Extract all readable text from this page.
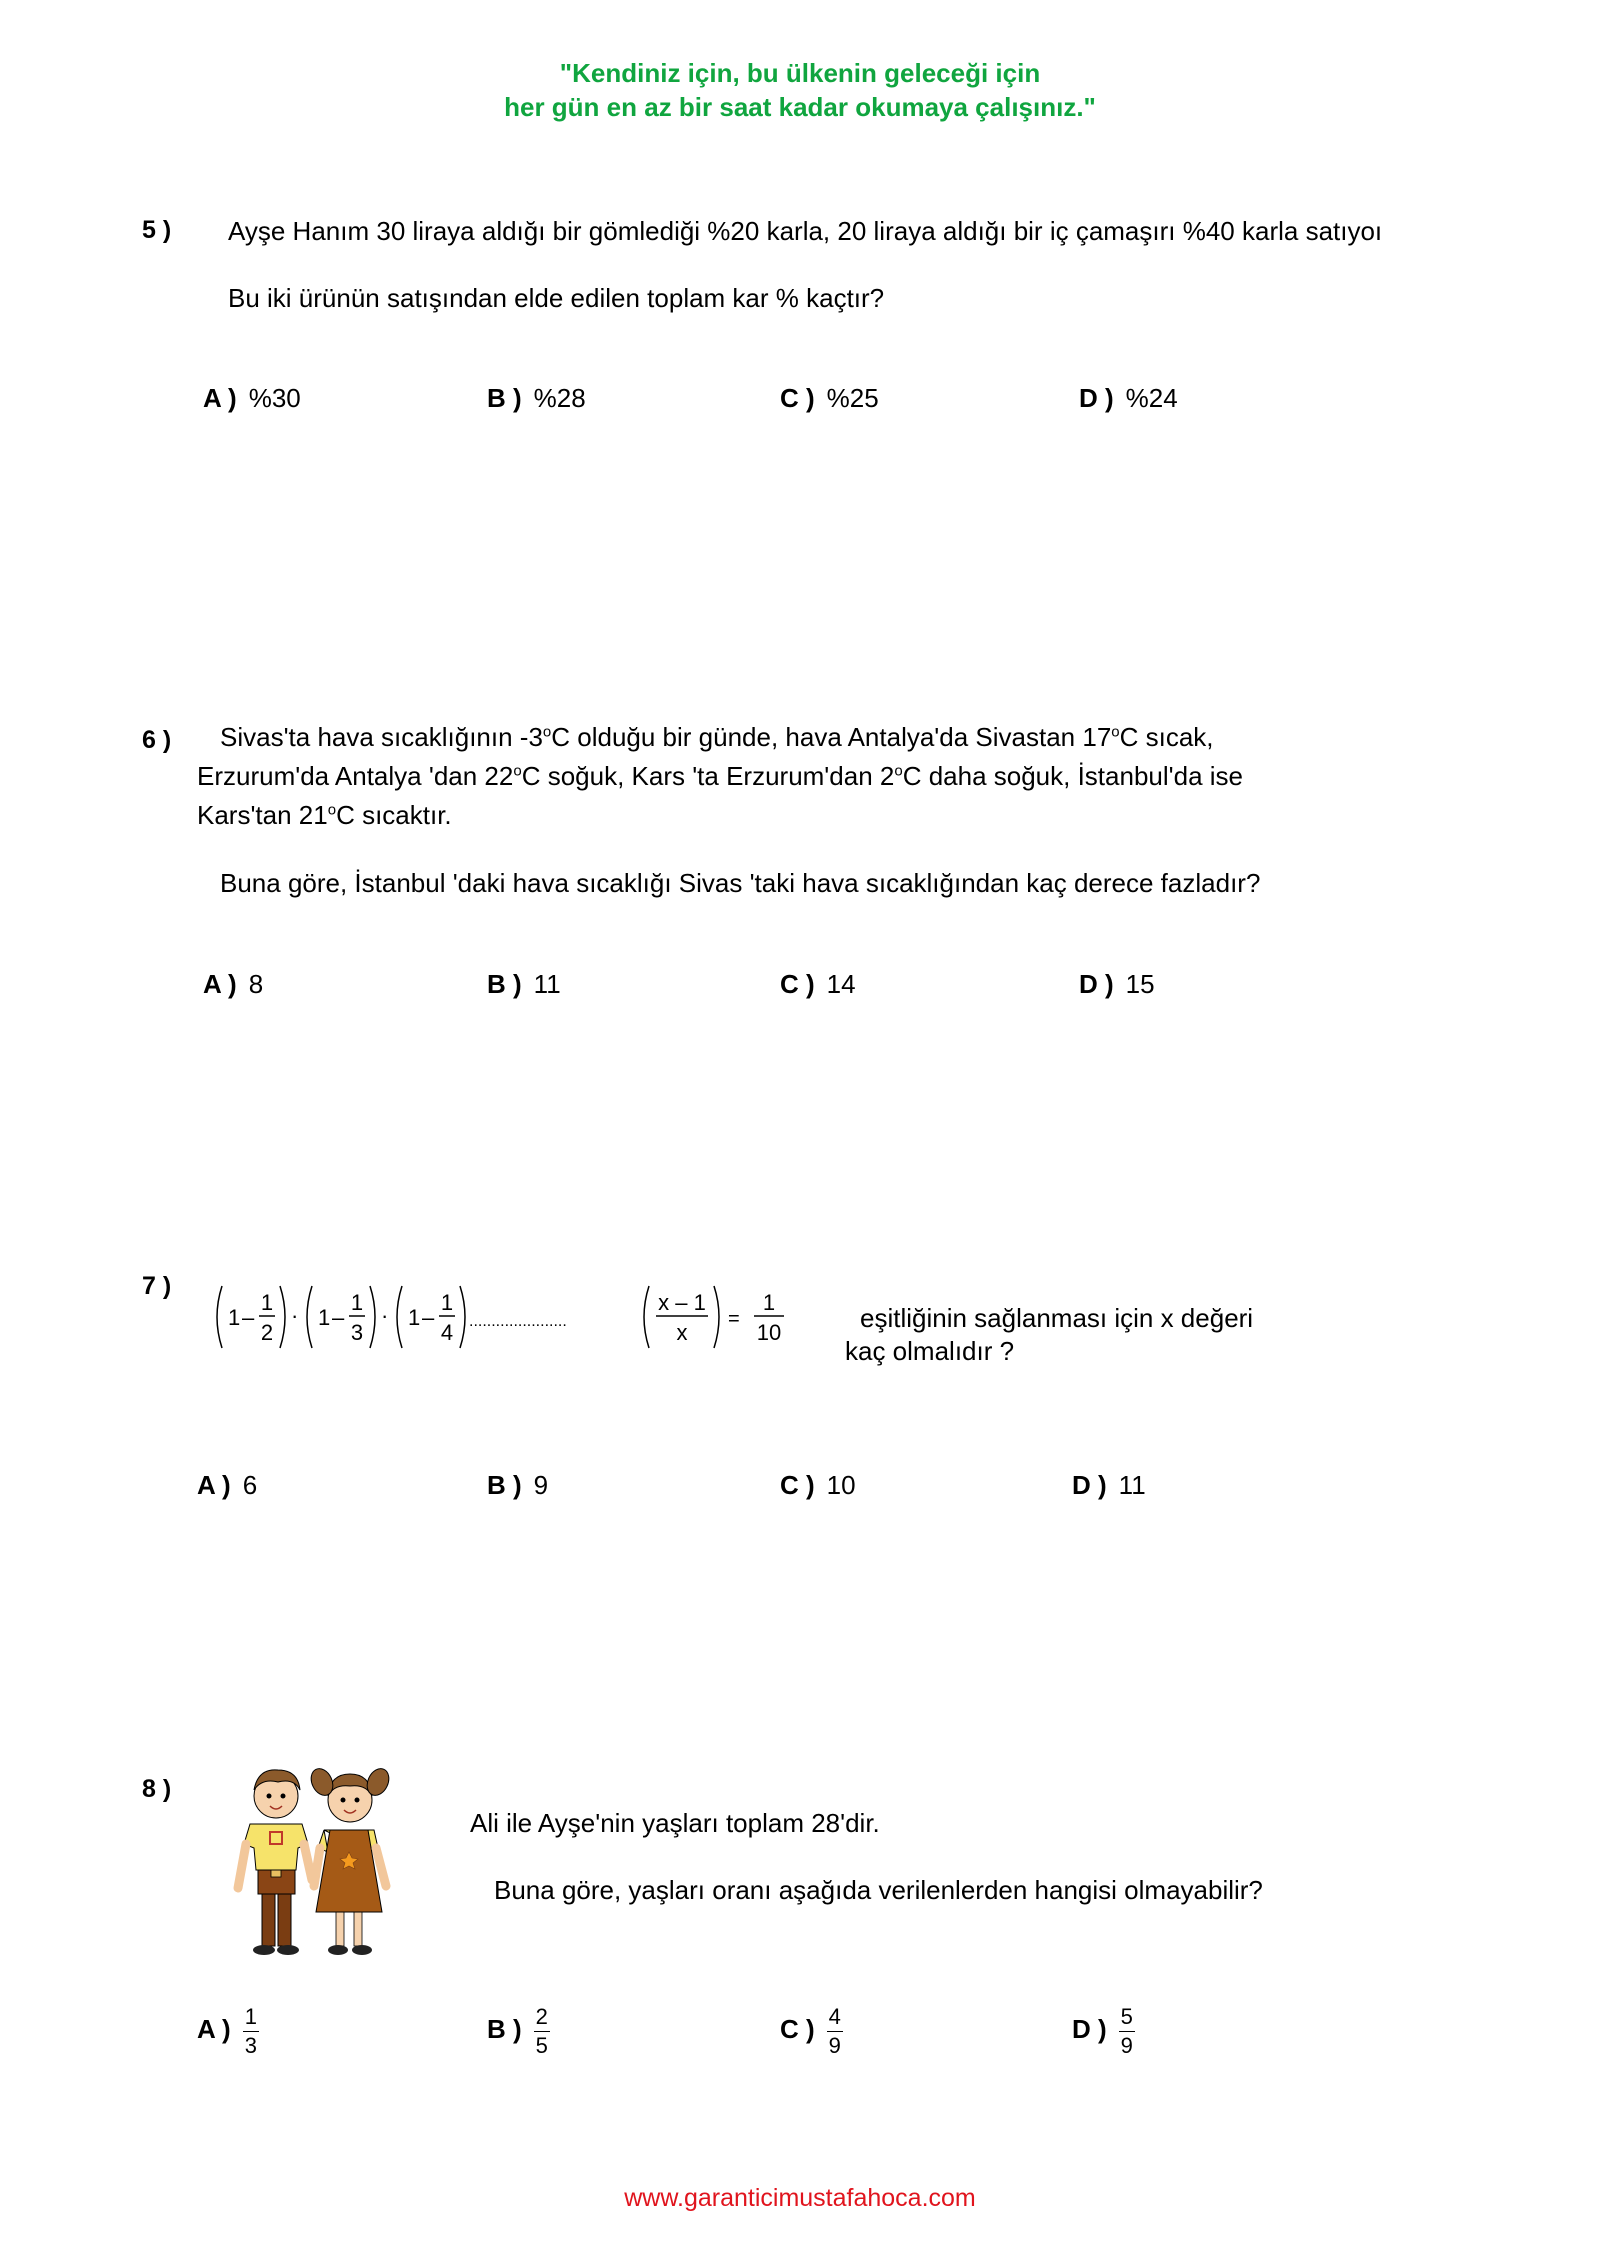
"Kendiniz için, bu ülkenin geleceği için
her gün en az bir saat kadar okumaya çalışınız."
5 ) Ayşe Hanım 30 liraya aldığı bir gömlediği %20 karla, 20 liraya aldığı bir iç çamaşırı %40 karla satıyoı
Bu iki ürünün satışından elde edilen toplam kar % kaçtır?
A ) %30	B ) %28	C ) %25	D ) %24
6 ) Sivas'ta hava sıcaklığının -3$^o$C olduğu bir günde, hava Antalya'da Sivastan 17$^o$C sıcak,
Erzurum'da Antalya 'dan 22$^o$C soğuk, Kars 'ta Erzurum'dan 2$^o$C daha soğuk, İstanbul'da ise
Kars'tan 21$^o$C sıcaktır.
Buna göre, İstanbul 'daki hava sıcaklığı Sivas 'taki hava sıcaklığından kaç derece fazladır?
A ) 8	B ) 11	C ) 14	D ) 15
7 )
1 –
1
2
· 1 –
1
3
· 1 –
1
4 ......................
x – 1
x
=
1
10	eşitliğinin sağlanması için x değeri
kaç olmalıdır ?
A ) 6	B ) 9	C ) 10	D ) 11
8 )
Ali ile Ayşe'nin yaşları toplam 28'dir.
Buna göre, yaşları oranı aşağıda verilenlerden hangisi olmayabilir?
A ) $\frac{1}{3}$	B ) $\frac{2}{5}$	C ) $\frac{4}{9}$	D ) $\frac{5}{9}$
www.garanticimustafahoca.com
